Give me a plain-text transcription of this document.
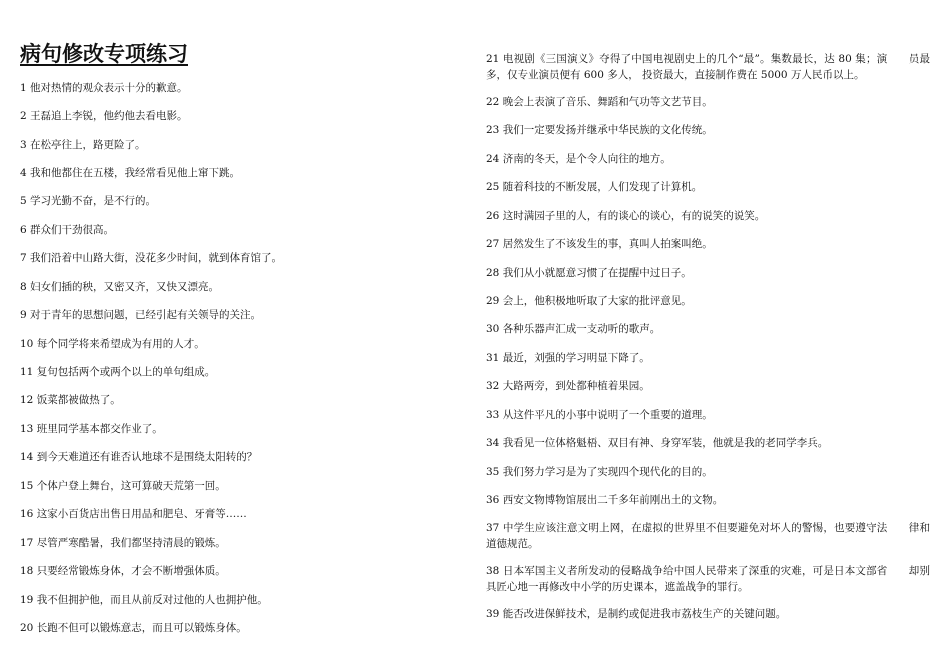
病句修改专项练习
1 他对热情的观众表示十分的歉意。
2 王磊追上李锐，他约他去看电影。
3 在松亭往上，路更险了。
4 我和他都住在五楼，我经常看见他上窜下跳。
5 学习光勤不奋，是不行的。
6 群众们干劲很高。
7 我们沿着中山路大街，没花多少时间，就到体育馆了。
8 妇女们插的秧，又密又齐，又快又漂亮。
9 对于青年的思想问题，已经引起有关领导的关注。
10 每个同学将来希望成为有用的人才。
11 复句包括两个或两个以上的单句组成。
12 饭菜都被做热了。
13 班里同学基本都交作业了。
14 到今天难道还有谁否认地球不是围绕太阳转的？
15 个体户登上舞台，这可算破天荒第一回。
16 这家小百货店出售日用品和肥皂、牙膏等……
17 尽管严寒酷暑，我们都坚持清晨的锻炼。
18 只要经常锻炼身体，才会不断增强体质。
19 我不但拥护他，而且从前反对过他的人也拥护他。
20 长跑不但可以锻炼意志，而且可以锻炼身体。
21 电视剧《三国演义》夺得了中国电视剧史上的几个“最”。集数最长，达 80 集；演　　员最多，仅专业演员便有 600 多人， 投资最大，直接制作费在 5000 万人民币以上。
22 晚会上表演了音乐、舞蹈和气功等文艺节目。
23 我们一定要发扬并继承中华民族的文化传统。
24 济南的冬天，是个令人向往的地方。
25 随着科技的不断发展，人们发现了计算机。
26 这时满园子里的人，有的谈心的谈心，有的说笑的说笑。
27 居然发生了不该发生的事，真叫人拍案叫绝。
28 我们从小就愿意习惯了在提醒中过日子。
29 会上，他积极地听取了大家的批评意见。
30 各种乐器声汇成一支动听的歌声。
31 最近，刘强的学习明显下降了。
32 大路两旁，到处都种植着果园。
33 从这件平凡的小事中说明了一个重要的道理。
34 我看见一位体格魁梧、双目有神、身穿军装，他就是我的老同学李兵。
35 我们努力学习是为了实现四个现代化的目的。
36 西安文物博物馆展出二千多年前刚出土的文物。
37 中学生应该注意文明上网，在虚拟的世界里不但要避免对坏人的警惕，也要遵守法　　律和道德规范。
38 日本军国主义者所发动的侵略战争给中国人民带来了深重的灾难，可是日本文部省　　却别具匠心地一再修改中小学的历史课本，遮盖战争的罪行。
39 能否改进保鲜技术，是制约或促进我市荔枝生产的关键问题。
